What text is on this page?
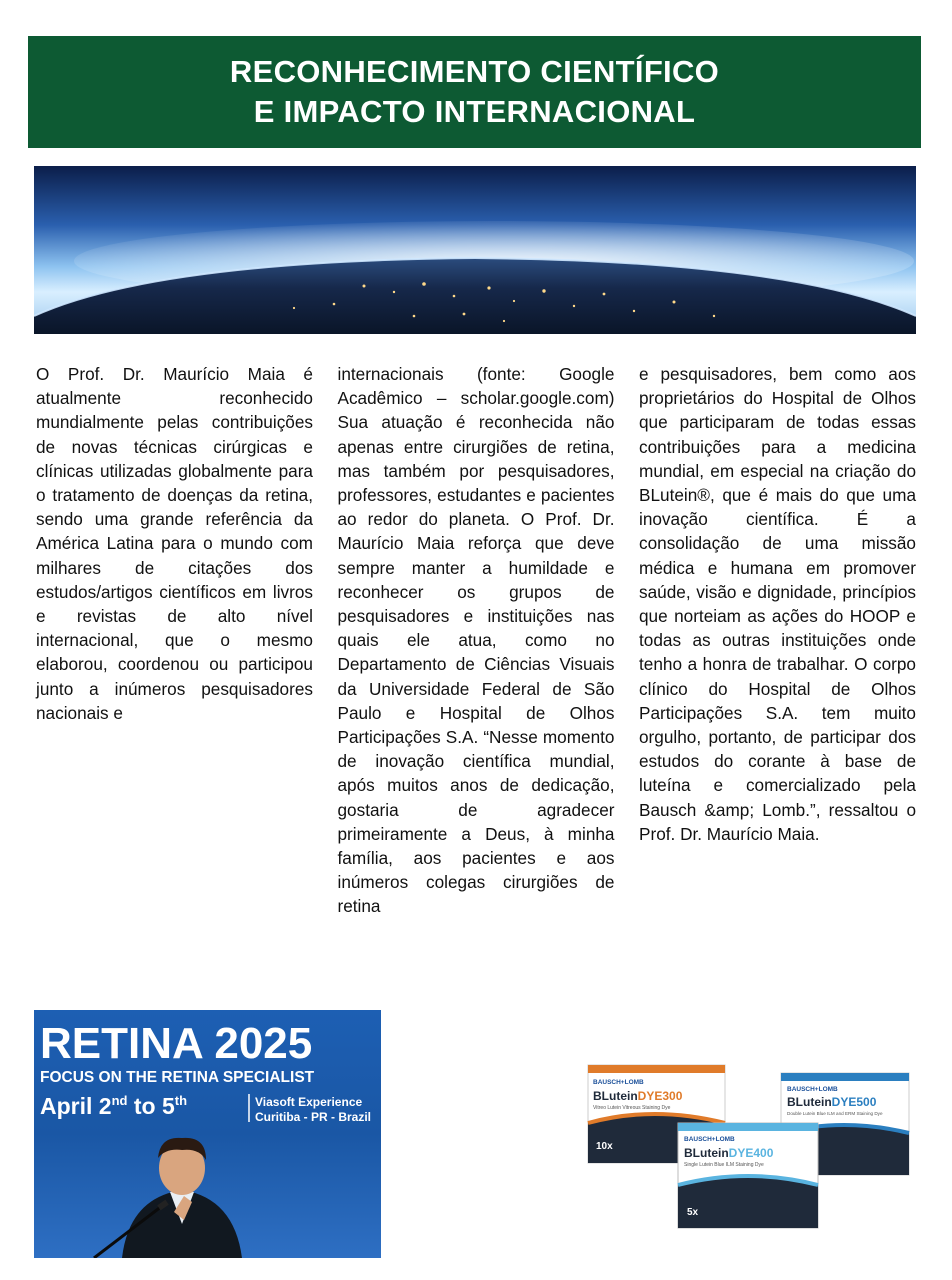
RECONHECIMENTO CIENTÍFICO
E IMPACTO INTERNACIONAL

O Prof. Dr. Maurício Maia é atualmente reconhecido mundialmente pelas contribuições de novas técnicas cirúrgicas e clínicas utilizadas globalmente para o tratamento de doenças da retina, sendo uma grande referência da América Latina para o mundo com milhares de citações dos estudos/artigos científicos em livros e revistas de alto nível internacional, que o mesmo elaborou, coordenou ou participou junto a inúmeros pesquisadores nacionais e

internacionais (fonte: Google Acadêmico – scholar.google.com) Sua atuação é reconhecida não apenas entre cirurgiões de retina, mas também por pesquisadores, professores, estudantes e pacientes ao redor do planeta. O Prof. Dr. Maurício Maia reforça que deve sempre manter a humildade e reconhecer os grupos de pesquisadores e instituições nas quais ele atua, como no Departamento de Ciências Visuais da Universidade Federal de São Paulo e Hospital de Olhos Participações S.A. “Nesse momento de inovação científica mundial, após muitos anos de dedicação, gostaria de agradecer primeiramente a Deus, à minha família, aos pacientes e aos inúmeros colegas cirurgiões de retina

e pesquisadores, bem como aos proprietários do Hospital de Olhos que participaram de todas essas contribuições para a medicina mundial, em especial na criação do BLutein®, que é mais do que uma inovação científica. É a consolidação de uma missão médica e humana em promover saúde, visão e dignidade, princípios que norteiam as ações do HOOP e todas as outras instituições onde tenho a honra de trabalhar. O corpo clínico do Hospital de Olhos Participações S.A. tem muito orgulho, portanto, de participar dos estudos do corante à base de luteína e comercializado pela Bausch &amp; Lomb.”, ressaltou o Prof. Dr. Maurício Maia.

RETINA 2025
FOCUS ON THE RETINA SPECIALIST
April 2nd to 5th	Viasoft Experience
Curitiba - PR - Brazil
BAUSCH+LOMB
BLuteinDYE300
Vitreo Lutein Vitreous Staining Dye
10x
BAUSCH+LOMB
BLuteinDYE500
Double Lutein Blue ILM and ERM Staining Dye
BAUSCH+LOMB
BLuteinDYE400
Single Lutein Blue ILM Staining Dye
5x
